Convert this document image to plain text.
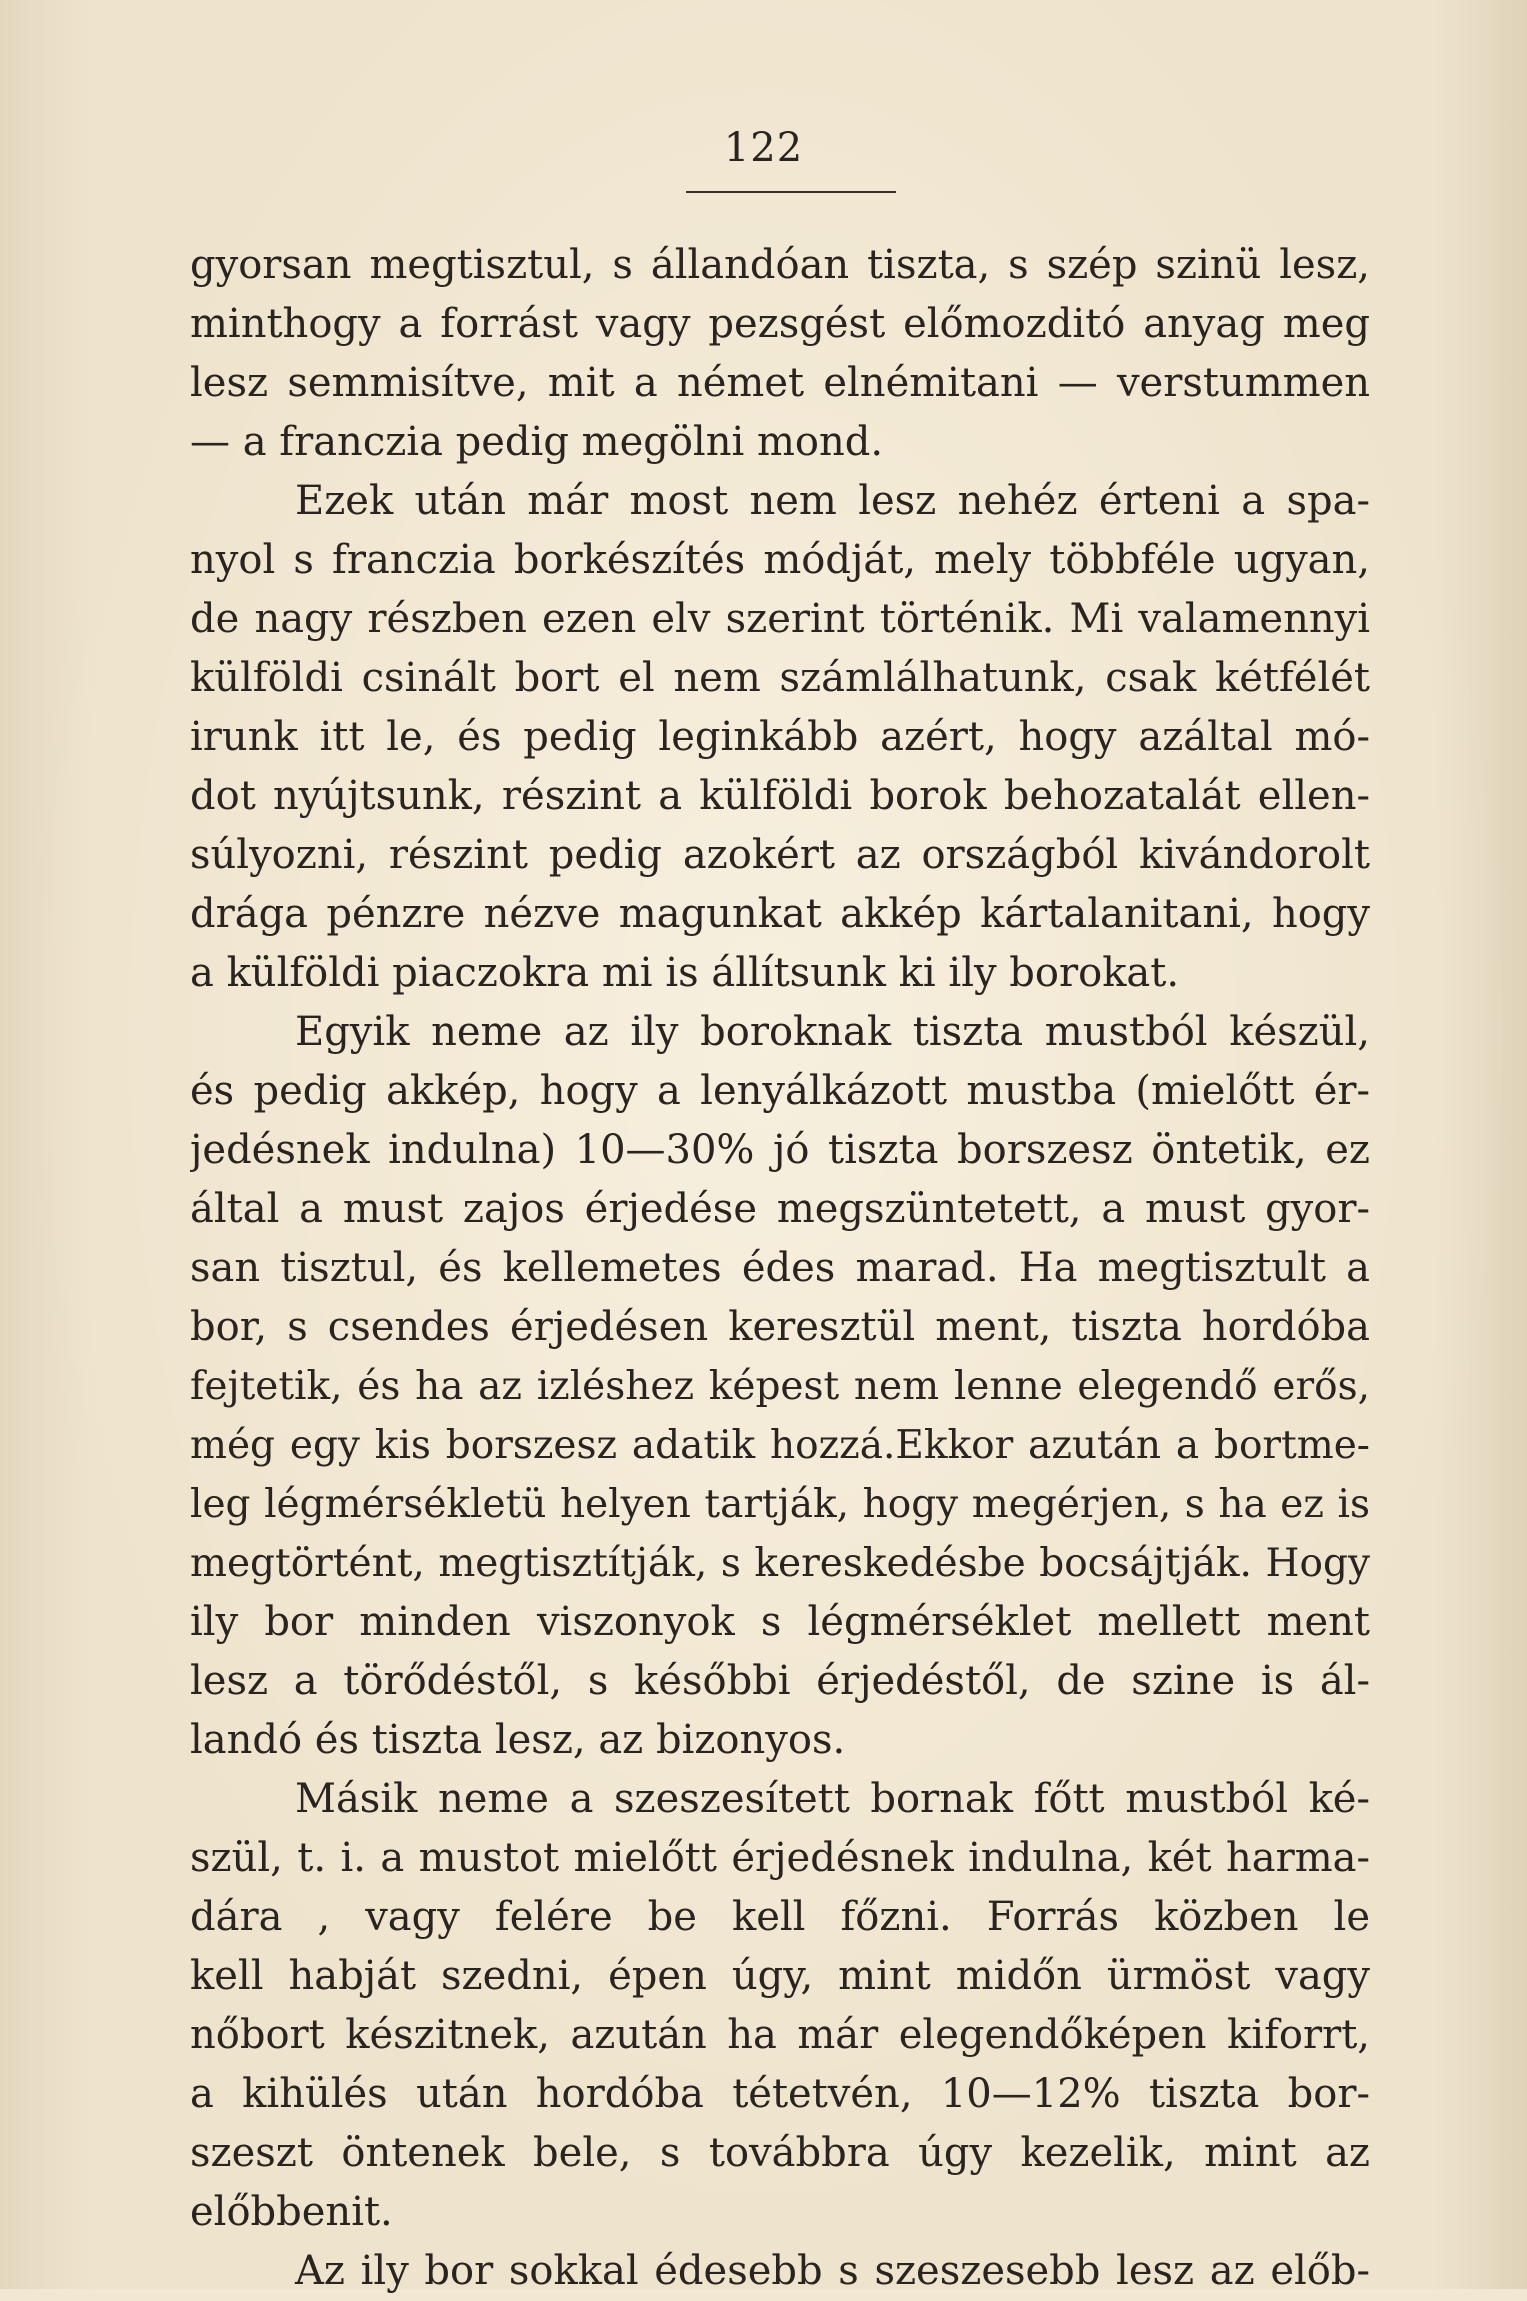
122
gyorsan megtisztul, s állandóan tiszta, s szép szinü lesz,
minthogy a forrást vagy pezsgést előmozditó anyag meg
lesz semmisítve, mit a német elnémitani — verstummen
— a franczia pedig megölni mond.
Ezek után már most nem lesz nehéz érteni a spa-
nyol s franczia borkészítés módját, mely többféle ugyan,
de nagy részben ezen elv szerint történik. Mi valamennyi
külföldi csinált bort el nem számlálhatunk, csak kétfélét
irunk itt le, és pedig leginkább azért, hogy azáltal mó-
dot nyújtsunk, részint a külföldi borok behozatalát ellen-
súlyozni, részint pedig azokért az országból kivándorolt
drága pénzre nézve magunkat akkép kártalanitani, hogy
a külföldi piaczokra mi is állítsunk ki ily borokat.
Egyik neme az ily boroknak tiszta mustból készül,
és pedig akkép, hogy a lenyálkázott mustba (mielőtt ér-
jedésnek indulna) 10—30% jó tiszta borszesz öntetik, ez
által a must zajos érjedése megszüntetett, a must gyor-
san tisztul, és kellemetes édes marad. Ha megtisztult a
bor, s csendes érjedésen keresztül ment, tiszta hordóba
fejtetik, és ha az izléshez képest nem lenne elegendő erős,
még egy kis borszesz adatik hozzá.Ekkor azután a bortme-
leg légmérsékletü helyen tartják, hogy megérjen, s ha ez is
megtörtént, megtisztítják, s kereskedésbe bocsájtják. Hogy
ily bor minden viszonyok s légmérséklet mellett ment
lesz a törődéstől, s későbbi érjedéstől, de szine is ál-
landó és tiszta lesz, az bizonyos.
Másik neme a szeszesített bornak főtt mustból ké-
szül, t. i. a mustot mielőtt érjedésnek indulna, két harma-
dára , vagy felére be kell főzni. Forrás közben le
kell habját szedni, épen úgy, mint midőn ürmöst vagy
nőbort készitnek, azután ha már elegendőképen kiforrt,
a kihülés után hordóba tétetvén, 10—12% tiszta bor-
szeszt öntenek bele, s továbbra úgy kezelik, mint az
előbbenit.
Az ily bor sokkal édesebb s szeszesebb lesz az előb-
